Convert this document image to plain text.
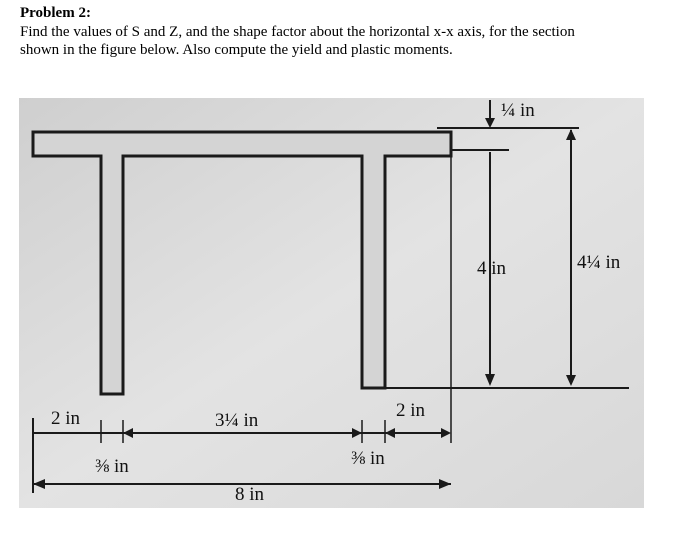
Problem 2:
Find the values of S and Z, and the shape factor about the horizontal x-x axis, for the section
shown in the figure below. Also compute the yield and plastic moments.
¼ in
4 in	4¼ in
2 in
⅜ in
3¼ in
⅜ in
2 in
8 in
